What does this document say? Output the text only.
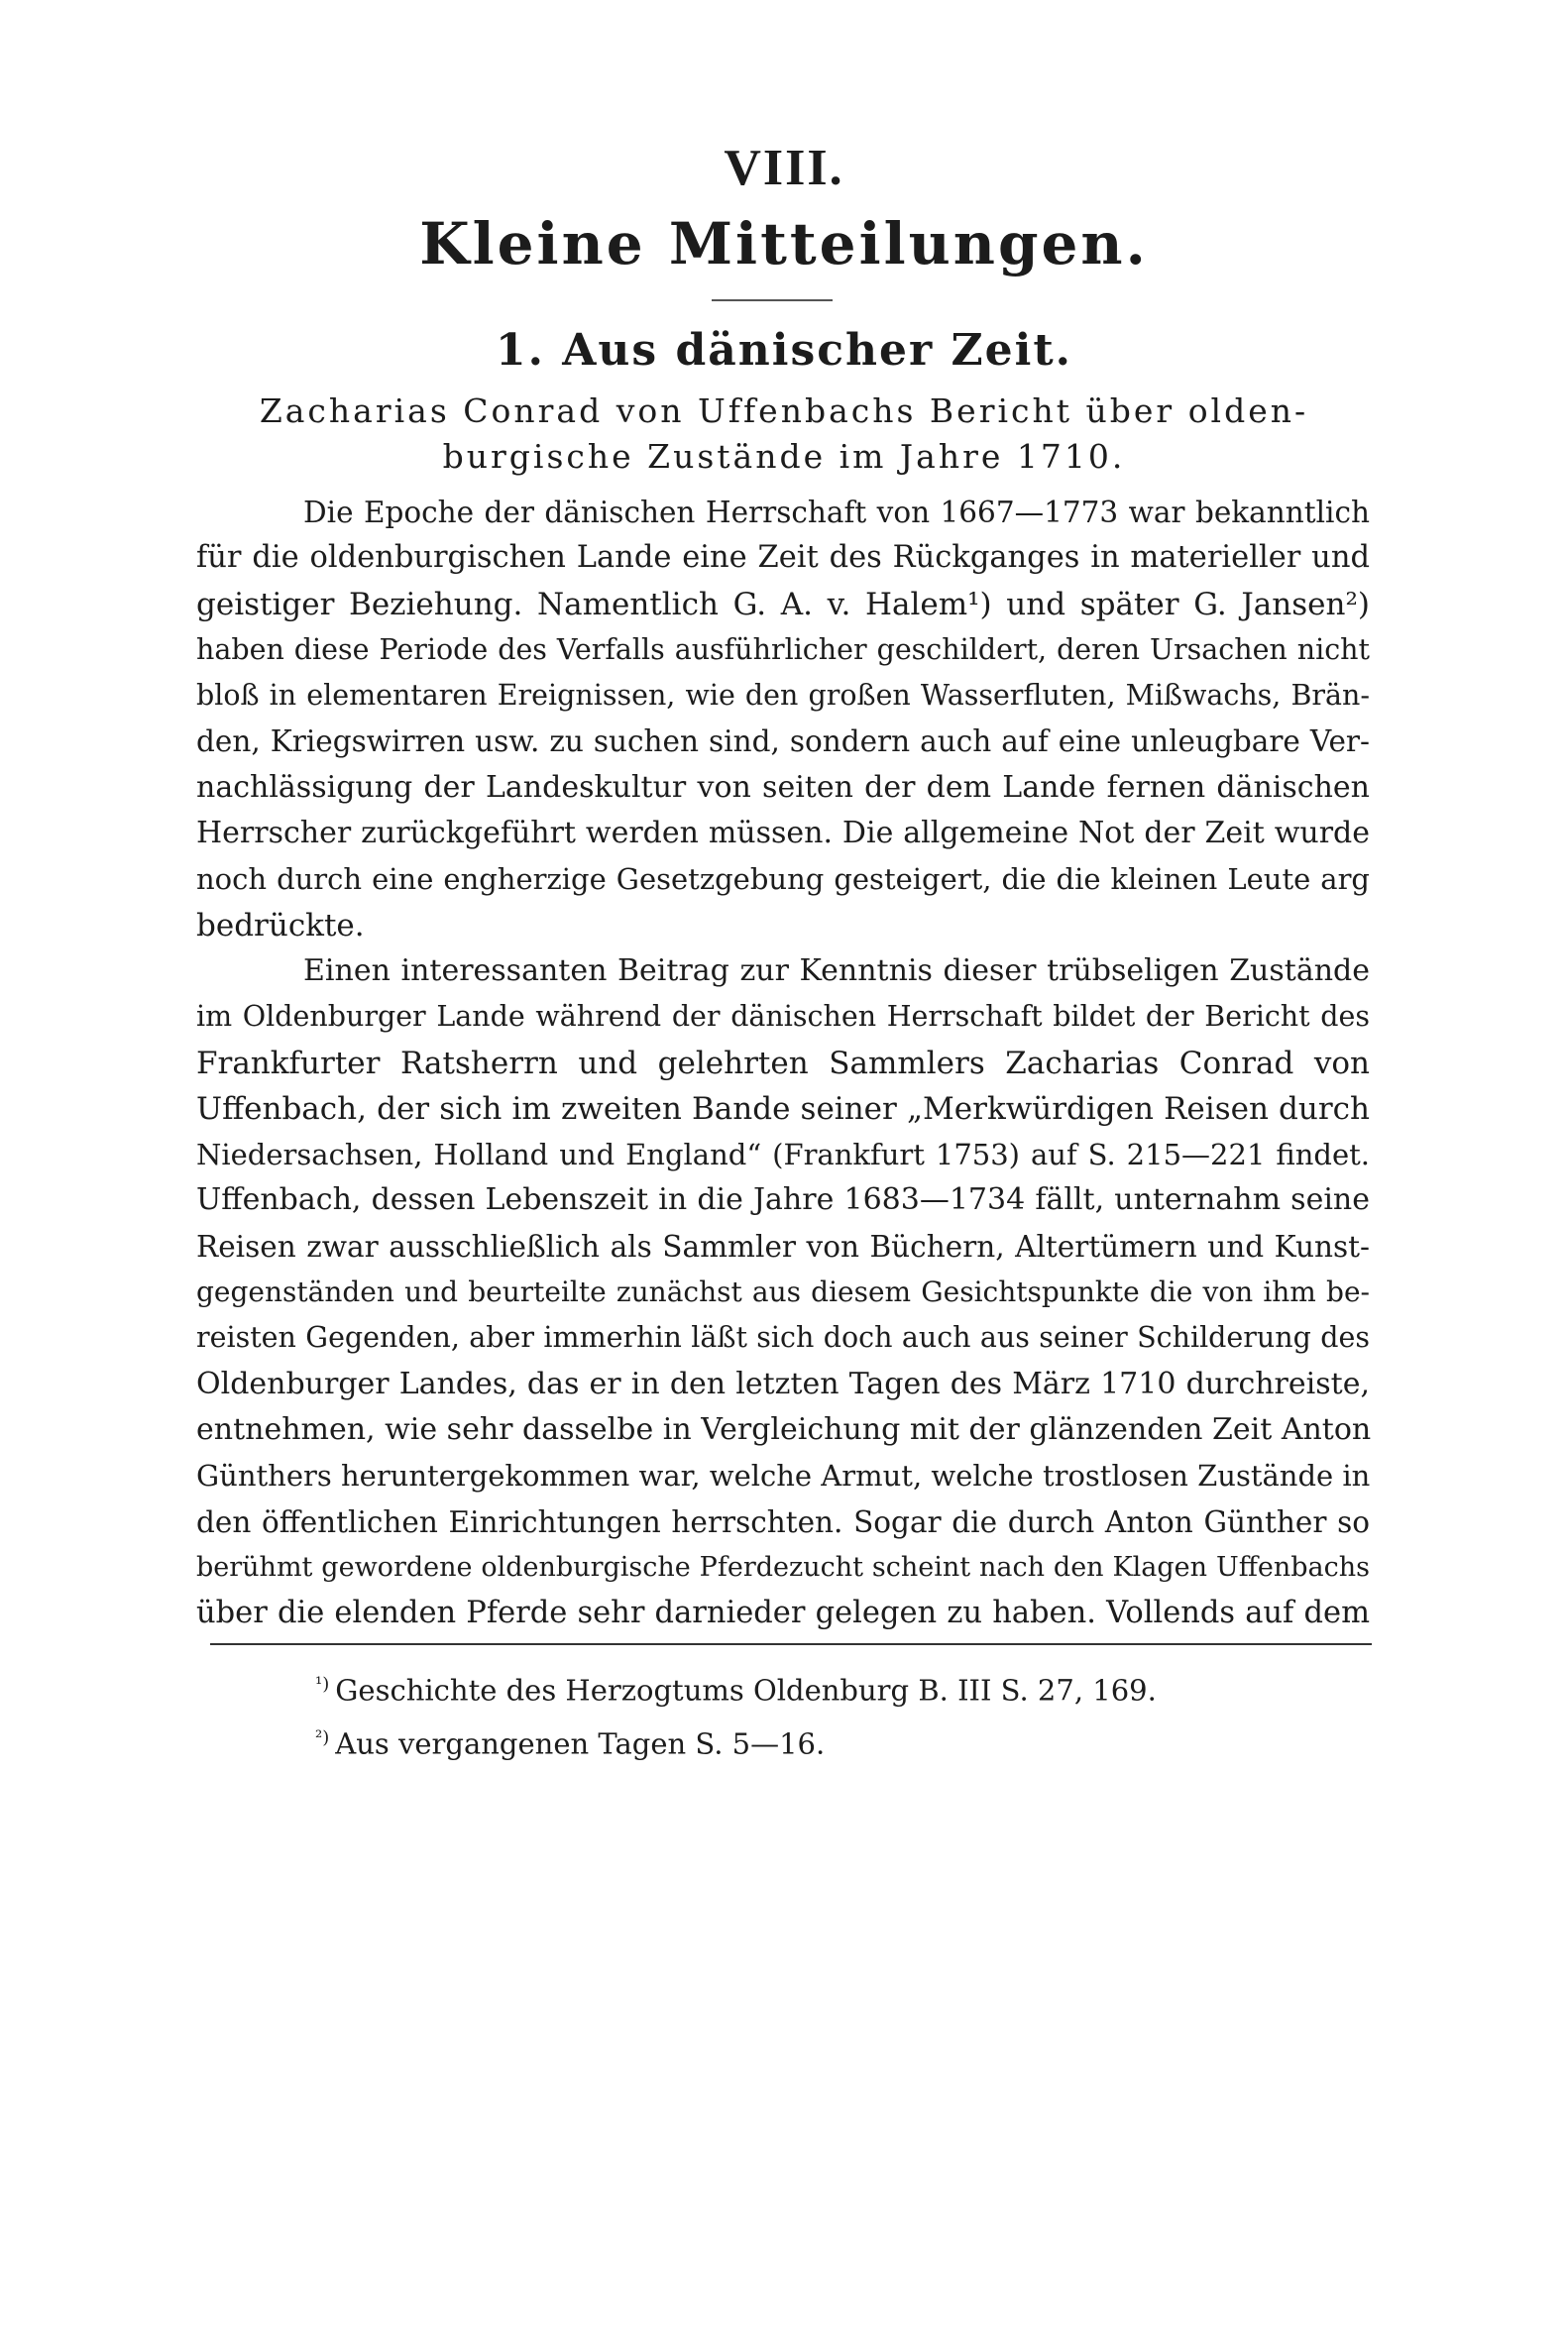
VIII.
Kleine Mitteilungen.
1. Aus dänischer Zeit.
Zacharias Conrad von Uffenbachs Bericht über olden-
burgische Zustände im Jahre 1710.
Die Epoche der dänischen Herrschaft von 1667—1773 war bekanntlich
für die oldenburgischen Lande eine Zeit des Rückganges in materieller und
geistiger Beziehung. Namentlich G. A. v. Halem¹) und später G. Jansen²)
haben diese Periode des Verfalls ausführlicher geschildert, deren Ursachen nicht
bloß in elementaren Ereignissen, wie den großen Wasserfluten, Mißwachs, Brän-
den, Kriegswirren usw. zu suchen sind, sondern auch auf eine unleugbare Ver-
nachlässigung der Landeskultur von seiten der dem Lande fernen dänischen
Herrscher zurückgeführt werden müssen. Die allgemeine Not der Zeit wurde
noch durch eine engherzige Gesetzgebung gesteigert, die die kleinen Leute arg
bedrückte.
Einen interessanten Beitrag zur Kenntnis dieser trübseligen Zustände
im Oldenburger Lande während der dänischen Herrschaft bildet der Bericht des
Frankfurter Ratsherrn und gelehrten Sammlers Zacharias Conrad von
Uffenbach, der sich im zweiten Bande seiner „Merkwürdigen Reisen durch
Niedersachsen, Holland und England“ (Frankfurt 1753) auf S. 215—221 findet.
Uffenbach, dessen Lebenszeit in die Jahre 1683—1734 fällt, unternahm seine
Reisen zwar ausschließlich als Sammler von Büchern, Altertümern und Kunst-
gegenständen und beurteilte zunächst aus diesem Gesichtspunkte die von ihm be-
reisten Gegenden, aber immerhin läßt sich doch auch aus seiner Schilderung des
Oldenburger Landes, das er in den letzten Tagen des März 1710 durchreiste,
entnehmen, wie sehr dasselbe in Vergleichung mit der glänzenden Zeit Anton
Günthers heruntergekommen war, welche Armut, welche trostlosen Zustände in
den öffentlichen Einrichtungen herrschten. Sogar die durch Anton Günther so
berühmt gewordene oldenburgische Pferdezucht scheint nach den Klagen Uffenbachs
über die elenden Pferde sehr darnieder gelegen zu haben. Vollends auf dem
$^{^1)}$ Geschichte des Herzogtums Oldenburg B. III S. 27, 169.
$^{^2)}$ Aus vergangenen Tagen S. 5—16.
